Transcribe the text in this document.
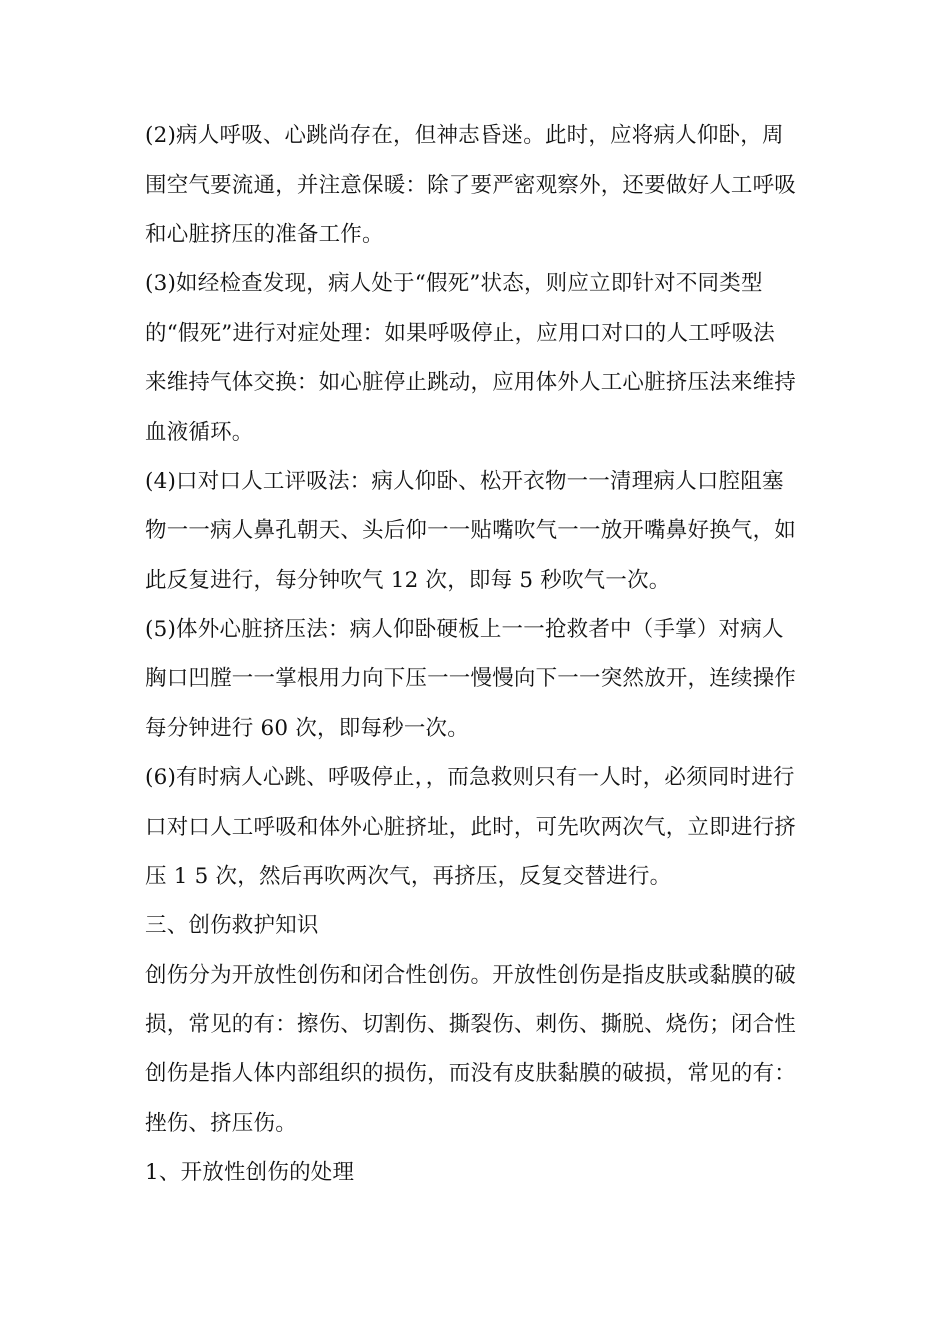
(2)病人呼吸、心跳尚存在，但神志昏迷。此时，应将病人仰卧，周
围空气要流通，并注意保暖：除了要严密观察外，还要做好人工呼吸
和心脏挤压的准备工作。
(3)如经检查发现，病人处于“假死”状态，则应立即针对不同类型
的“假死”进行对症处理：如果呼吸停止，应用口对口的人工呼吸法
来维持气体交换：如心脏停止跳动，应用体外人工心脏挤压法来维持
血液循环。
(4)口对口人工评吸法：病人仰卧、松开衣物一一清理病人口腔阻塞
物一一病人鼻孔朝天、头后仰一一贴嘴吹气一一放开嘴鼻好换气，如
此反复进行，每分钟吹气 12 次，即每 5 秒吹气一次。
(5)体外心脏挤压法：病人仰卧硬板上一一抢救者中（手掌）对病人
胸口凹膛一一掌根用力向下压一一慢慢向下一一突然放开，连续操作
每分钟进行 60 次，即每秒一次。
(6)有时病人心跳、呼吸停止，，而急救则只有一人时，必须同时进行
口对口人工呼吸和体外心脏挤址，此时，可先吹两次气，立即进行挤
压 1 5 次，然后再吹两次气，再挤压，反复交替进行。
三、创伤救护知识
创伤分为开放性创伤和闭合性创伤。开放性创伤是指皮肤或黏膜的破
损，常见的有：擦伤、切割伤、撕裂伤、刺伤、撕脱、烧伤；闭合性
创伤是指人体内部组织的损伤，而没有皮肤黏膜的破损，常见的有：
挫伤、挤压伤。
1、开放性创伤的处理
